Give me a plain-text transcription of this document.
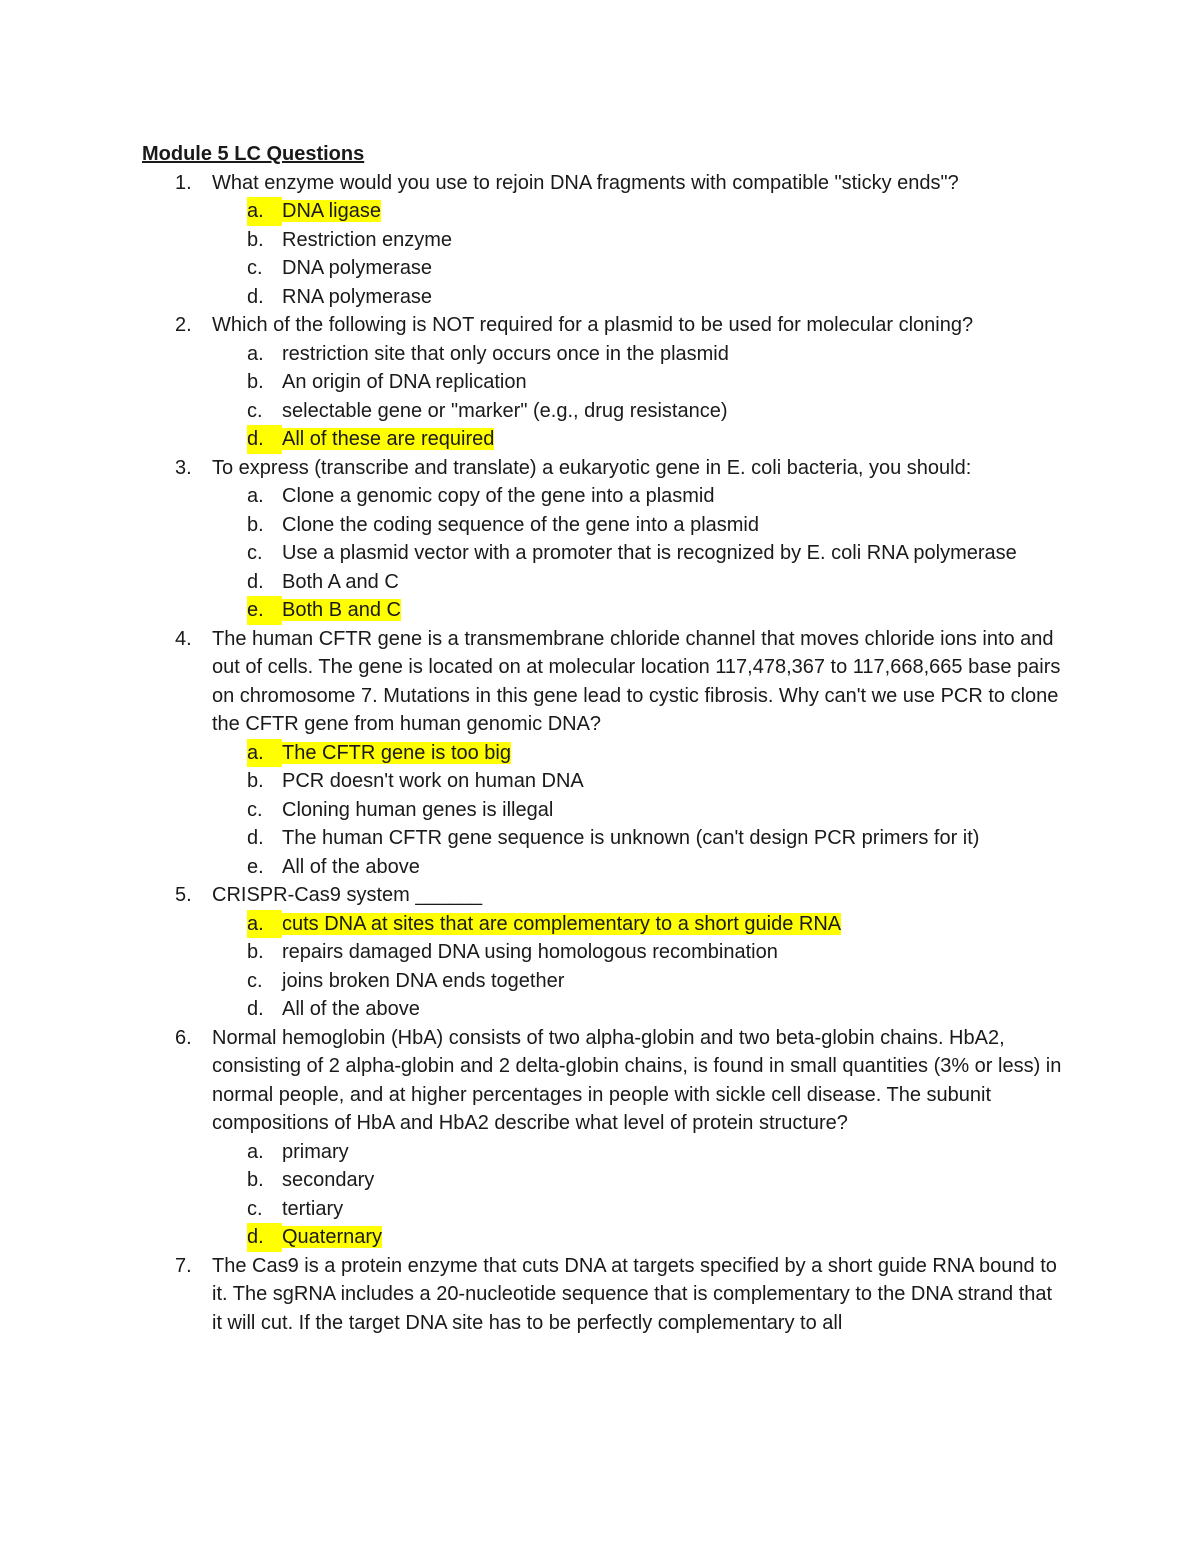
Module 5 LC Questions

1. What enzyme would you use to rejoin DNA fragments with compatible "sticky ends"?
a. DNA ligase
b. Restriction enzyme
c. DNA polymerase
d. RNA polymerase
2. Which of the following is NOT required for a plasmid to be used for molecular cloning?
a. restriction site that only occurs once in the plasmid
b. An origin of DNA replication
c. selectable gene or "marker" (e.g., drug resistance)
d. All of these are required
3. To express (transcribe and translate) a eukaryotic gene in E. coli bacteria, you should:
a. Clone a genomic copy of the gene into a plasmid
b. Clone the coding sequence of the gene into a plasmid
c. Use a plasmid vector with a promoter that is recognized by E. coli RNA polymerase
d. Both A and C
e. Both B and C
4. The human CFTR gene is a transmembrane chloride channel that moves chloride ions into and out of cells. The gene is located on at molecular location 117,478,367 to 117,668,665 base pairs on chromosome 7. Mutations in this gene lead to cystic fibrosis. Why can't we use PCR to clone the CFTR gene from human genomic DNA?
a. The CFTR gene is too big
b. PCR doesn't work on human DNA
c. Cloning human genes is illegal
d. The human CFTR gene sequence is unknown (can't design PCR primers for it)
e. All of the above
5. CRISPR-Cas9 system ______
a. cuts DNA at sites that are complementary to a short guide RNA
b. repairs damaged DNA using homologous recombination
c. joins broken DNA ends together
d. All of the above
6. Normal hemoglobin (HbA) consists of two alpha-globin and two beta-globin chains. HbA2, consisting of 2 alpha-globin and 2 delta-globin chains, is found in small quantities (3% or less) in normal people, and at higher percentages in people with sickle cell disease. The subunit compositions of HbA and HbA2 describe what level of protein structure?
a. primary
b. secondary
c. tertiary
d. Quaternary
7. The Cas9 is a protein enzyme that cuts DNA at targets specified by a short guide RNA bound to it. The sgRNA includes a 20-nucleotide sequence that is complementary to the DNA strand that it will cut. If the target DNA site has to be perfectly complementary to all
